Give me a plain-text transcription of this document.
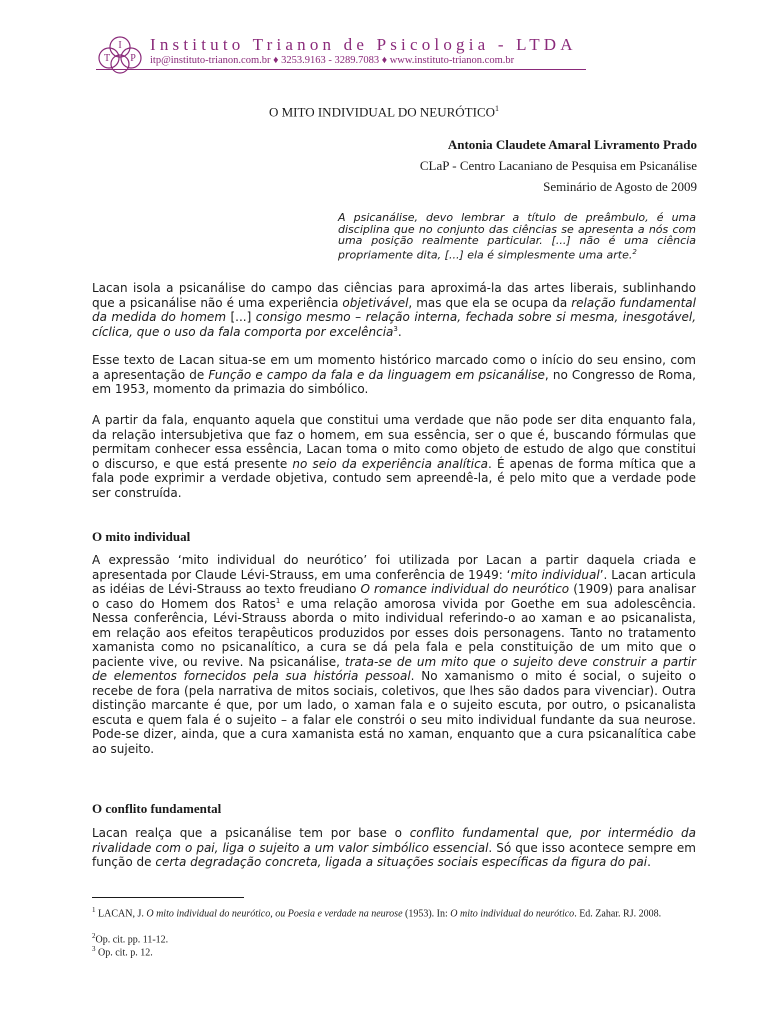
I
T P
Instituto Trianon de Psicologia - LTDA
itp@instituto-trianon.com.br ♦ 3253.9163 - 3289.7083 ♦ www.instituto-trianon.com.br
O MITO INDIVIDUAL DO NEURÓTICO$^1$
Antonia Claudete Amaral Livramento Prado
CLaP - Centro Lacaniano de Pesquisa em Psicanálise
Seminário de Agosto de 2009
A psicanálise, devo lembrar a título de preâmbulo, é uma disciplina que no conjunto das ciências se apresenta a nós com uma posição realmente particular. [...] não é uma ciência propriamente dita, [...] ela é simplesmente uma arte.$^2$

Lacan isola a psicanálise do campo das ciências para aproximá-la das artes liberais, sublinhando que a psicanálise não é uma experiência objetivável, mas que ela se ocupa da relação fundamental da medida do homem [...] consigo mesmo – relação interna, fechada sobre si mesma, inesgotável, cíclica, que o uso da fala comporta por excelência$^3$.

Esse texto de Lacan situa-se em um momento histórico marcado como o início do seu ensino, com a apresentação de Função e campo da fala e da linguagem em psicanálise, no Congresso de Roma, em 1953, momento da primazia do simbólico.

A partir da fala, enquanto aquela que constitui uma verdade que não pode ser dita enquanto fala, da relação intersubjetiva que faz o homem, em sua essência, ser o que é, buscando fórmulas que permitam conhecer essa essência, Lacan toma o mito como objeto de estudo de algo que constitui o discurso, e que está presente no seio da experiência analítica. É apenas de forma mítica que a fala pode exprimir a verdade objetiva, contudo sem apreendê-la, é pelo mito que a verdade pode ser construída.

O mito individual

A expressão ‘mito individual do neurótico’ foi utilizada por Lacan a partir daquela criada e apresentada por Claude Lévi-Strauss, em uma conferência de 1949: ‘mito individual’. Lacan articula as idéias de Lévi-Strauss ao texto freudiano O romance individual do neurótico (1909) para analisar o caso do Homem dos Ratos$^1$ e uma relação amorosa vivida por Goethe em sua adolescência. Nessa conferência, Lévi-Strauss aborda o mito individual referindo-o ao xaman e ao psicanalista, em relação aos efeitos terapêuticos produzidos por esses dois personagens. Tanto no tratamento xamanista como no psicanalítico, a cura se dá pela fala e pela constituição de um mito que o paciente vive, ou revive. Na psicanálise, trata-se de um mito que o sujeito deve construir a partir de elementos fornecidos pela sua história pessoal. No xamanismo o mito é social, o sujeito o recebe de fora (pela narrativa de mitos sociais, coletivos, que lhes são dados para vivenciar). Outra distinção marcante é que, por um lado, o xaman fala e o sujeito escuta, por outro, o psicanalista escuta e quem fala é o sujeito – a falar ele constrói o seu mito individual fundante da sua neurose. Pode-se dizer, ainda, que a cura xamanista está no xaman, enquanto que a cura psicanalítica cabe ao sujeito.

O conflito fundamental

Lacan realça que a psicanálise tem por base o conflito fundamental que, por intermédio da rivalidade com o pai, liga o sujeito a um valor simbólico essencial. Só que isso acontece sempre em função de certa degradação concreta, ligada a situações sociais específicas da figura do pai.

$^1$ LACAN, J. O mito individual do neurótico, ou Poesia e verdade na neurose (1953). In: O mito individual do neurótico. Ed. Zahar. RJ. 2008.
$^2$Op. cit. pp. 11-12.
$^3$ Op. cit. p. 12.
